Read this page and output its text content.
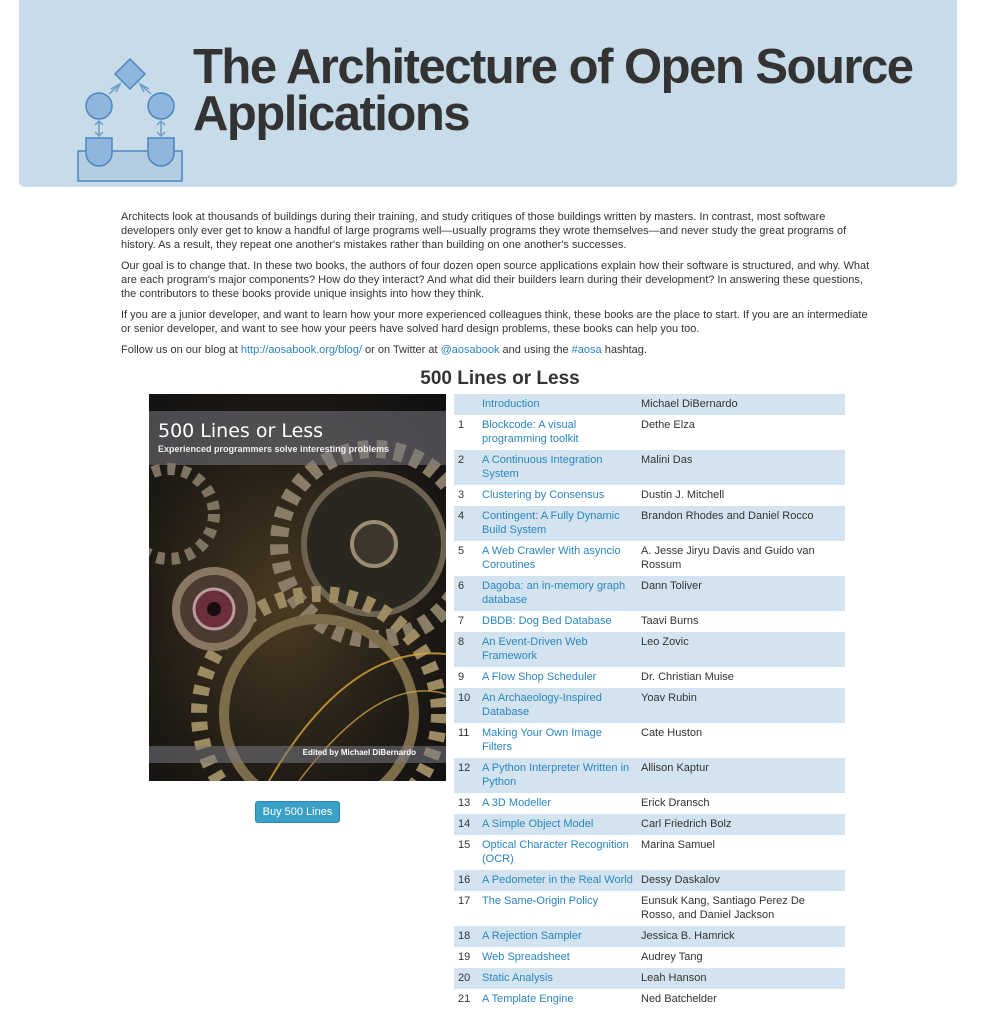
The Architecture of Open Source Applications

Architects look at thousands of buildings during their training, and study critiques of those buildings written by masters. In contrast, most software developers only ever get to know a handful of large programs well—usually programs they wrote themselves—and never study the great programs of history. As a result, they repeat one another's mistakes rather than building on one another's successes.

Our goal is to change that. In these two books, the authors of four dozen open source applications explain how their software is structured, and why. What are each program's major components? How do they interact? And what did their builders learn during their development? In answering these questions, the contributors to these books provide unique insights into how they think.

If you are a junior developer, and want to learn how your more experienced colleagues think, these books are the place to start. If you are an intermediate or senior developer, and want to see how your peers have solved hard design problems, these books can help you too.

Follow us on our blog at http://aosabook.org/blog/ or on Twitter at @aosabook and using the #aosa hashtag.

500 Lines or Less
500 Lines or Less
Experienced programmers solve interesting problems
Edited by Michael DiBernardo
Buy 500 Lines
	Introduction	Michael DiBernardo
1	Blockcode: A visual programming toolkit	Dethe Elza
2	A Continuous Integration System	Malini Das
3	Clustering by Consensus	Dustin J. Mitchell
4	Contingent: A Fully Dynamic Build System	Brandon Rhodes and Daniel Rocco
5	A Web Crawler With asyncio Coroutines	A. Jesse Jiryu Davis and Guido van Rossum
6	Dagoba: an in-memory graph database	Dann Toliver
7	DBDB: Dog Bed Database	Taavi Burns
8	An Event-Driven Web Framework	Leo Zovic
9	A Flow Shop Scheduler	Dr. Christian Muise
10	An Archaeology-Inspired Database	Yoav Rubin
11	Making Your Own Image Filters	Cate Huston
12	A Python Interpreter Written in Python	Allison Kaptur
13	A 3D Modeller	Erick Dransch
14	A Simple Object Model	Carl Friedrich Bolz
15	Optical Character Recognition (OCR)	Marina Samuel
16	A Pedometer in the Real World	Dessy Daskalov
17	The Same-Origin Policy	Eunsuk Kang, Santiago Perez De Rosso, and Daniel Jackson
18	A Rejection Sampler	Jessica B. Hamrick
19	Web Spreadsheet	Audrey Tang
20	Static Analysis	Leah Hanson
21	A Template Engine	Ned Batchelder
